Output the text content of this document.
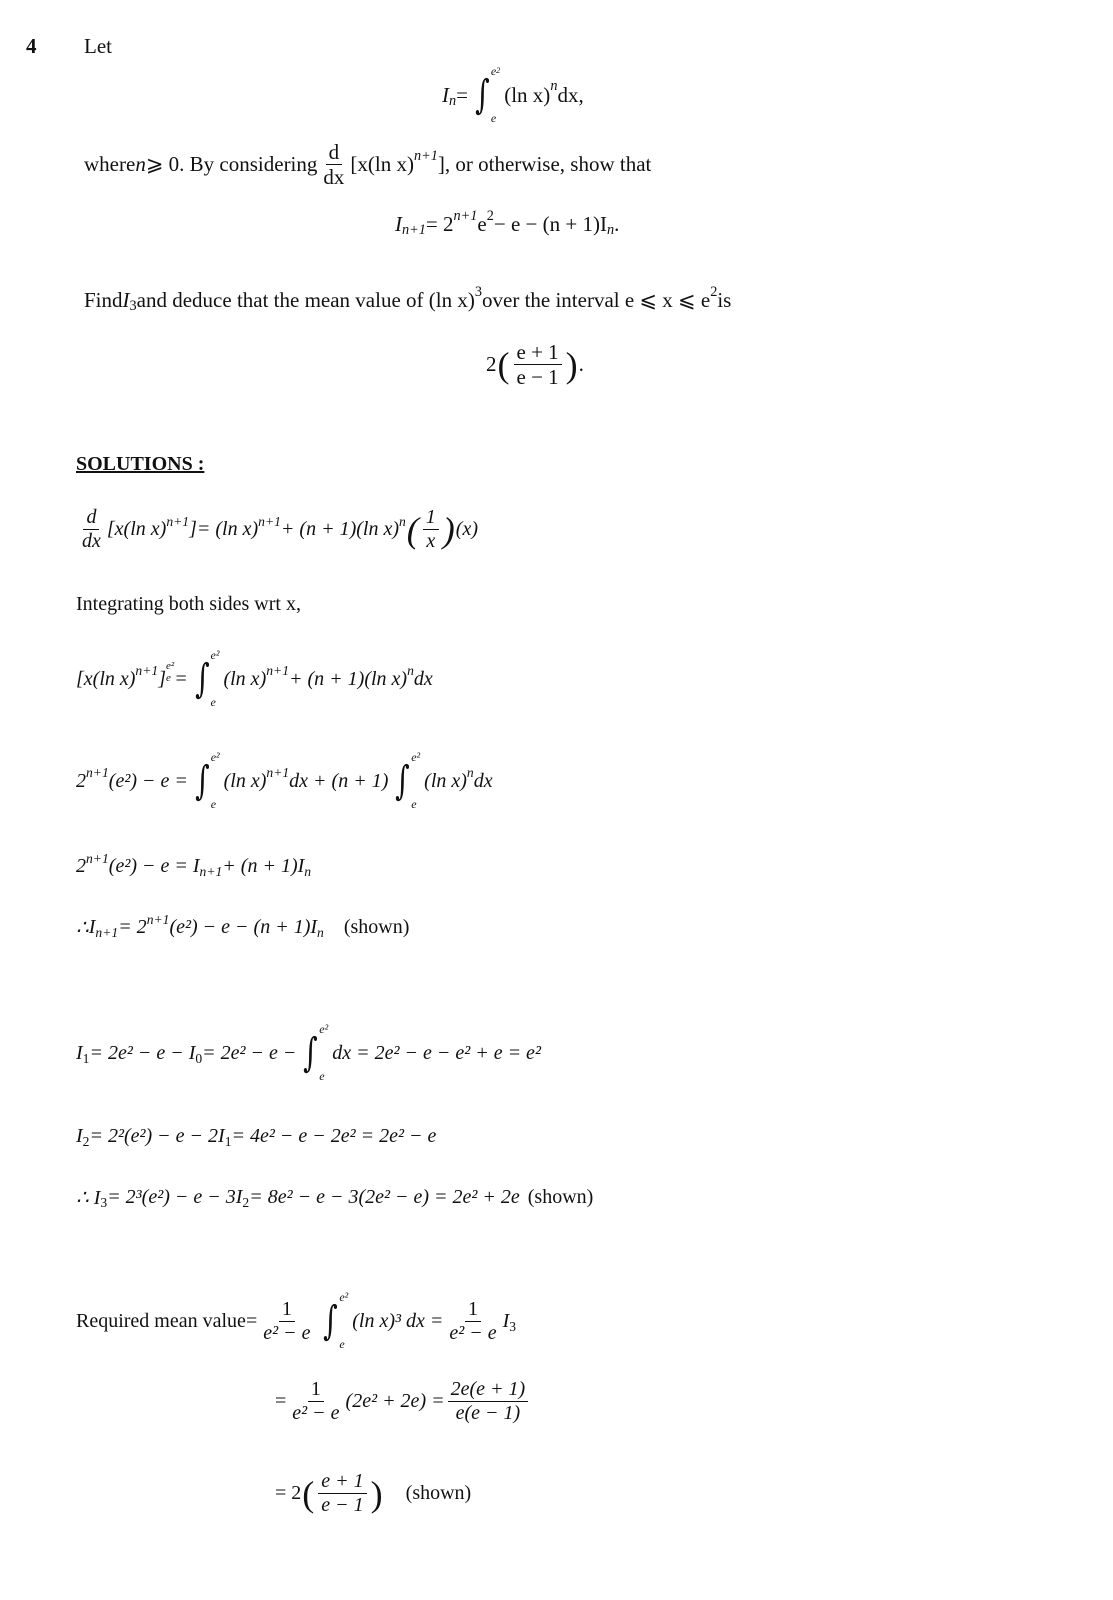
4 Let
$I_n$ = ∫
$e^2$
e
(ln x)$^n$ dx,
where n ⩾ 0. By considering $\frac{d}{dx} [x(\ln$ x)$^{n+1}$ ] , or otherwise, show that
$I_{n+1} = 2^{n+1}$ $e^2 - e - (n + 1)I_n$ .
Find $I_3$ and deduce that the mean value of (ln x)$^3$ over the interval e ⩽ x ⩽ $e^2$ is
2 ( $\frac{e + 1}{e - 1}$ ) .
SOLUTIONS :
$\frac{d}{dx} [x(\ln$ x)$^{n+1}$ ] = (ln x)$^{n+1}$ + (n + 1)(ln x)$^n$ ( $\frac{1}{x}$ ) (x)
Integrating both sides wrt x,
[x(ln x)$^{n+1}$ ]
e²
e = ∫
e²
e
(ln x)$^{n+1}$ + (n + 1)(ln x)$^n$ dx
$2^{n+1}$ (e²) − e = ∫
e²
e
(ln x)$^{n+1}$ dx + (n + 1) ∫
e²
e
(ln x)$^n$ dx
$2^{n+1}$ $(e^2) - e = I_{n+1} + (n + 1)I_n$
∴ $I_{n+1} = 2^{n+1}$ $(e^2) - e - (n + 1)I_n$ (shown)
$I_1 = 2e^2 - e - I_0 = 2e^2 - e$ − ∫
e²
e
dx = 2e² − e − e² + e = e²
$I_2 = 2^2(e^2) - e - 2I_1 = 4e^2 - e - 2e^2 = 2e^2 - e$
∴ $I_3 = 2^3(e^2) - e - 3I_2 = 8e^2 - e - 3(2e^2 - e) = 2e^2 + 2e$ (shown)
Required mean value = $\frac{1}{\text{e² − e}}$ ∫
e²
e
(ln x)³ dx = $\frac{1}{\text{e² − e}} I_3$
= $\frac{1}{\text{e² − e}} (2e^2 + 2e) = \frac{2e(e + 1)}{e(e - 1)}$
= 2 ( $\frac{e + 1}{e - 1}$ ) (shown)
